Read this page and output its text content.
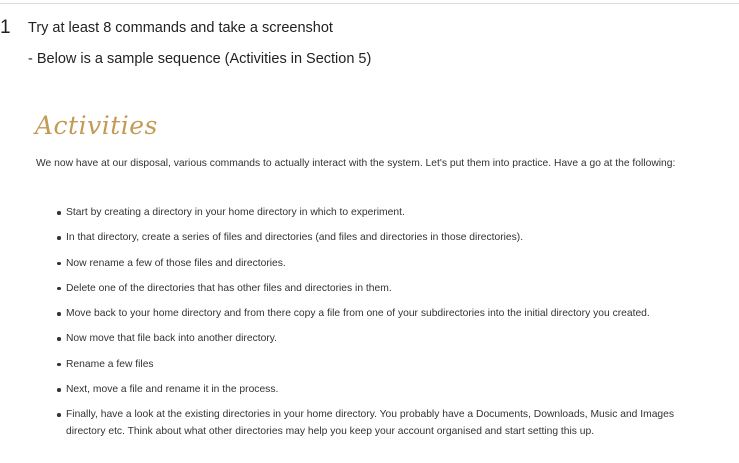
1 Try at least 8 commands and take a screenshot
- Below is a sample sequence (Activities in Section 5)
Activities
We now have at our disposal, various commands to actually interact with the system. Let's put them into practice. Have a go at the following:
Start by creating a directory in your home directory in which to experiment.
In that directory, create a series of files and directories (and files and directories in those directories).
Now rename a few of those files and directories.
Delete one of the directories that has other files and directories in them.
Move back to your home directory and from there copy a file from one of your subdirectories into the initial directory you created.
Now move that file back into another directory.
Rename a few files
Next, move a file and rename it in the process.
Finally, have a look at the existing directories in your home directory. You probably have a Documents, Downloads, Music and Images directory etc. Think about what other directories may help you keep your account organised and start setting this up.
